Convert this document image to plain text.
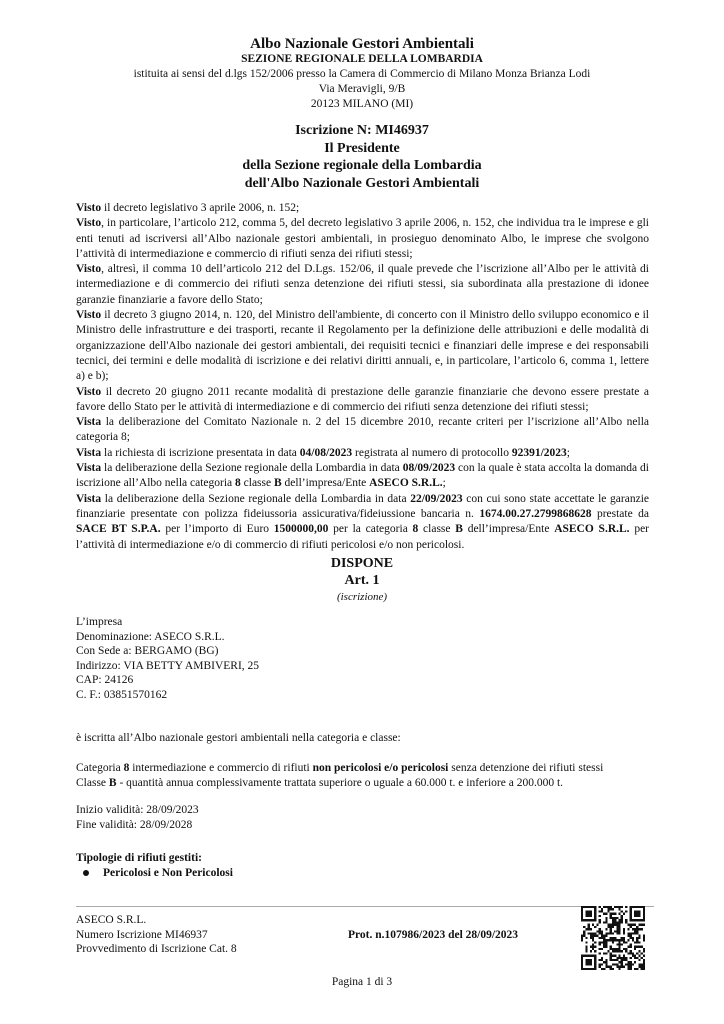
Albo Nazionale Gestori Ambientali
SEZIONE REGIONALE DELLA LOMBARDIA
istituita ai sensi del d.lgs 152/2006 presso la Camera di Commercio di Milano Monza Brianza Lodi
Via Meravigli, 9/B
20123 MILANO (MI)
Iscrizione N: MI46937
Il Presidente
della Sezione regionale della Lombardia
dell'Albo Nazionale Gestori Ambientali

Visto il decreto legislativo 3 aprile 2006, n. 152;

Visto, in particolare, l’articolo 212, comma 5, del decreto legislativo 3 aprile 2006, n. 152, che individua tra le imprese e gli enti tenuti ad iscriversi all’Albo nazionale gestori ambientali, in prosieguo denominato Albo, le imprese che svolgono l’attività di intermediazione e commercio di rifiuti senza dei rifiuti stessi;

Visto, altresì, il comma 10 dell’articolo 212 del D.Lgs. 152/06, il quale prevede che l’iscrizione all’Albo per le attività di intermediazione e di commercio dei rifiuti senza detenzione dei rifiuti stessi, sia subordinata alla prestazione di idonee garanzie finanziarie a favore dello Stato;

Visto il decreto 3 giugno 2014, n. 120, del Ministro dell'ambiente, di concerto con il Ministro dello sviluppo economico e il Ministro delle infrastrutture e dei trasporti, recante il Regolamento per la definizione delle attribuzioni e delle modalità di organizzazione dell'Albo nazionale dei gestori ambientali, dei requisiti tecnici e finanziari delle imprese e dei responsabili tecnici, dei termini e delle modalità di iscrizione e dei relativi diritti annuali, e, in particolare, l’articolo 6, comma 1, lettere a) e b);

Visto il decreto 20 giugno 2011 recante modalità di prestazione delle garanzie finanziarie che devono essere prestate a favore dello Stato per le attività di intermediazione e di commercio dei rifiuti senza detenzione dei rifiuti stessi;

Vista la deliberazione del Comitato Nazionale n. 2 del 15 dicembre 2010, recante criteri per l’iscrizione all’Albo nella categoria 8;

Vista la richiesta di iscrizione presentata in data 04/08/2023 registrata al numero di protocollo 92391/2023;

Vista la deliberazione della Sezione regionale della Lombardia in data 08/09/2023 con la quale è stata accolta la domanda di iscrizione all’Albo nella categoria 8 classe B dell’impresa/Ente ASECO S.R.L.;

Vista la deliberazione della Sezione regionale della Lombardia in data 22/09/2023 con cui sono state accettate le garanzie finanziarie presentate con polizza fideiussoria assicurativa/fideiussione bancaria n. 1674.00.27.2799868628 prestate da SACE BT S.P.A. per l’importo di Euro 1500000,00 per la categoria 8 classe B dell’impresa/Ente ASECO S.R.L. per l’attività di intermediazione e/o di commercio di rifiuti pericolosi e/o non pericolosi.

DISPONE
Art. 1
(iscrizione)
L’impresa
Denominazione: ASECO S.R.L.
Con Sede a: BERGAMO (BG)
Indirizzo: VIA BETTY AMBIVERI, 25
CAP: 24126
C. F.: 03851570162
è iscritta all’Albo nazionale gestori ambientali nella categoria e classe:
Categoria 8 intermediazione e commercio di rifiuti non pericolosi e/o pericolosi senza detenzione dei rifiuti stessi
Classe B - quantità annua complessivamente trattata superiore o uguale a 60.000 t. e inferiore a 200.000 t.
Inizio validità: 28/09/2023
Fine validità: 28/09/2028
Tipologie di rifiuti gestiti:
Pericolosi e Non Pericolosi
ASECO S.R.L.
Numero Iscrizione MI46937
Provvedimento di Iscrizione Cat. 8
Prot. n.107986/2023 del 28/09/2023
Pagina 1 di 3
